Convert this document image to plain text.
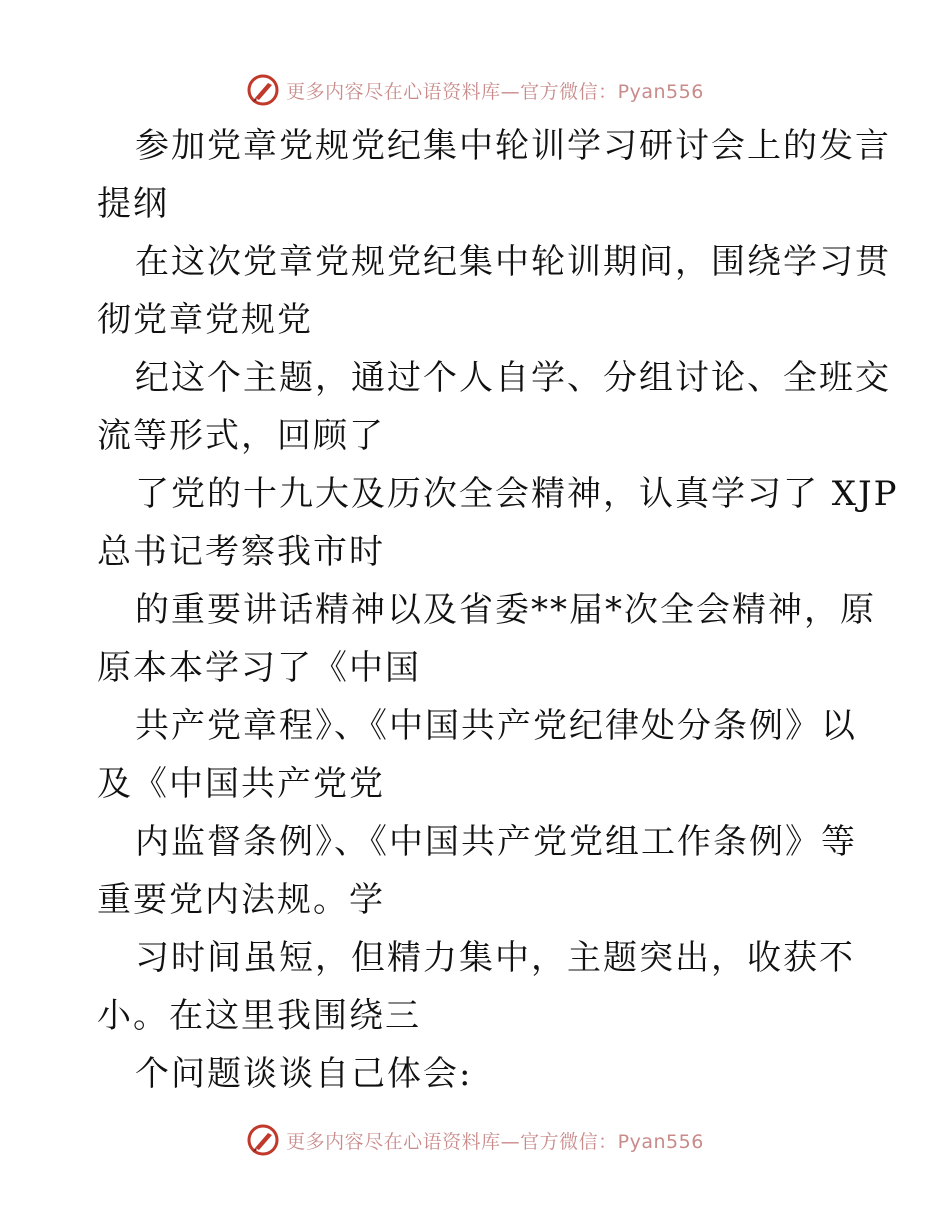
更多内容尽在心语资料库—官方微信：Pyan556
参加党章党规党纪集中轮训学习研讨会上的发言
提纲
在这次党章党规党纪集中轮训期间，围绕学习贯
彻党章党规党
纪这个主题，通过个人自学、分组讨论、全班交
流等形式，回顾了
了党的十九大及历次全会精神，认真学习了 XJP
总书记考察我市时
的重要讲话精神以及省委**届*次全会精神，原
原本本学习了《中国
共产党章程》、《中国共产党纪律处分条例》以
及《中国共产党党
内监督条例》、《中国共产党党组工作条例》等
重要党内法规。学
习时间虽短，但精力集中，主题突出，收获不
小。在这里我围绕三
个问题谈谈自己体会:
更多内容尽在心语资料库—官方微信：Pyan556
